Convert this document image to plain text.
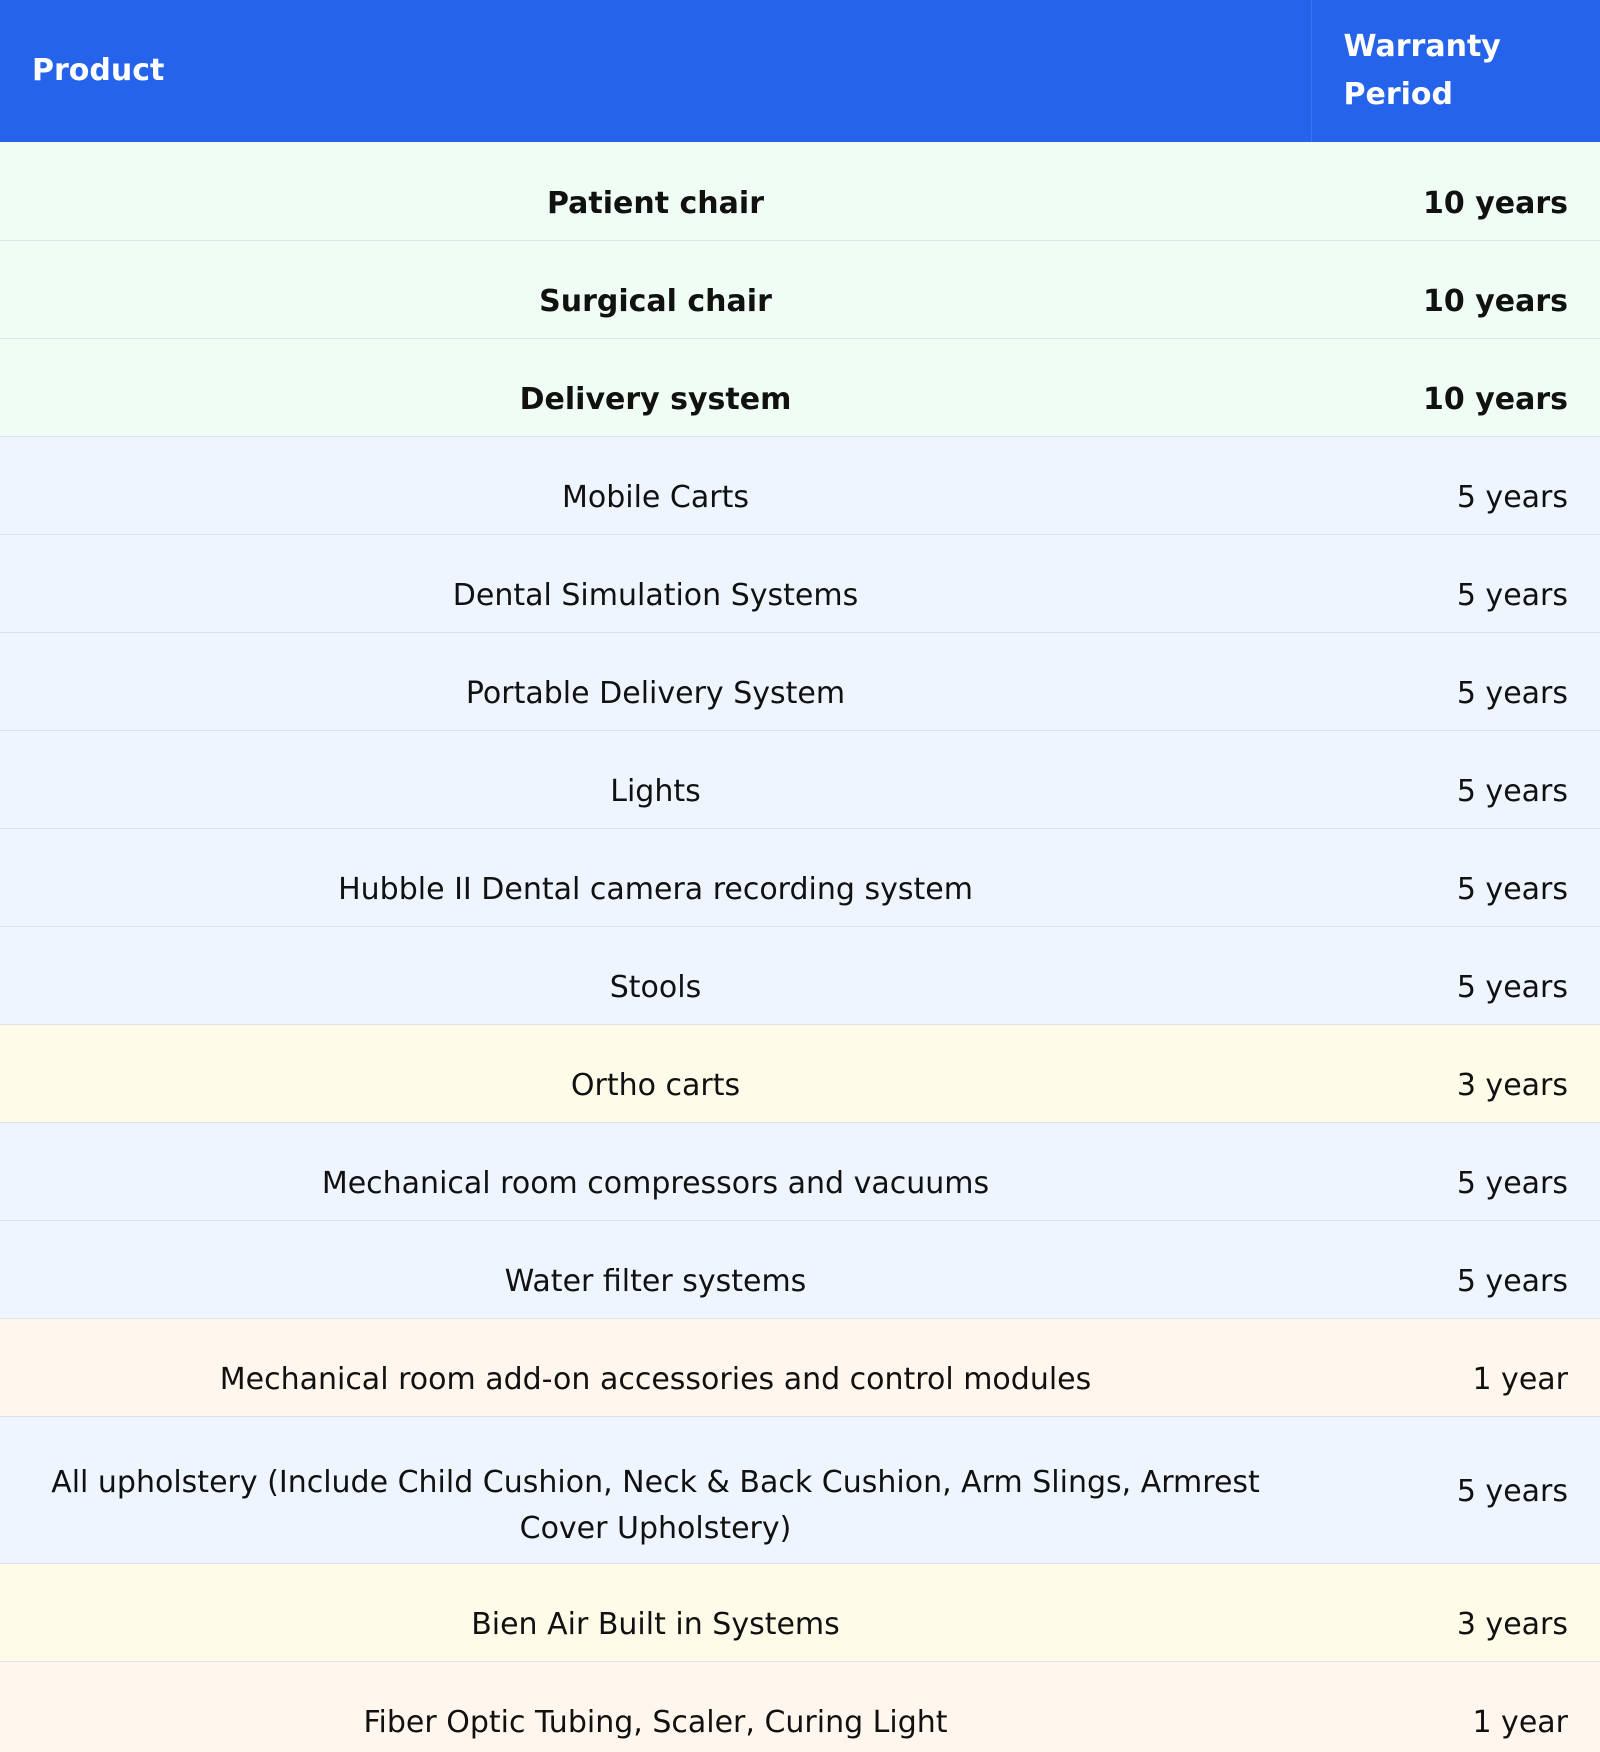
Product	Warranty Period
Patient chair	10 years
Surgical chair	10 years
Delivery system	10 years
Mobile Carts	5 years
Dental Simulation Systems	5 years
Portable Delivery System	5 years
Lights	5 years
Hubble II Dental camera recording system	5 years
Stools	5 years
Ortho carts	3 years
Mechanical room compressors and vacuums	5 years
Water filter systems	5 years
Mechanical room add-on accessories and control modules	1 year
All upholstery (Include Child Cushion, Neck & Back Cushion, Arm Slings, Armrest Cover Upholstery)	5 years
Bien Air Built in Systems	3 years
Fiber Optic Tubing, Scaler, Curing Light	1 year
